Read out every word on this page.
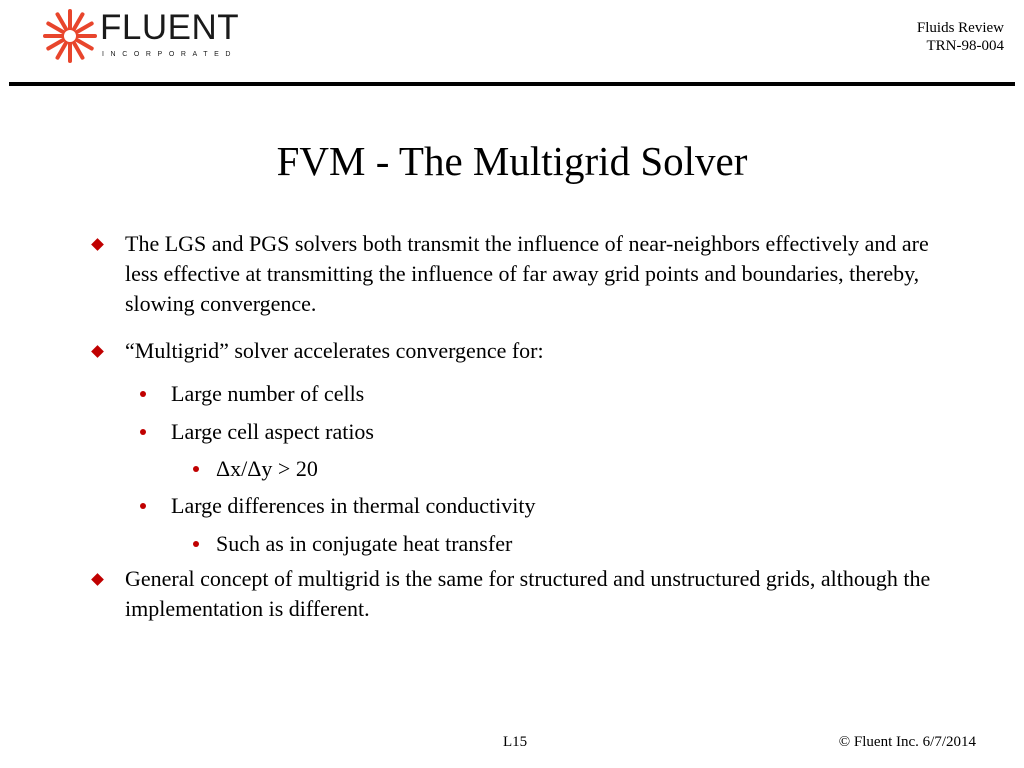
FLUENT
INCORPORATED
Fluids Review
TRN-98-004
FVM - The Multigrid Solver
The LGS and PGS solvers both transmit the influence of near-neighbors effectively and are less effective at transmitting the influence of far away grid points and boundaries, thereby, slowing convergence.
“Multigrid” solver accelerates convergence for:
Large number of cells
Large cell aspect ratios
Δx/Δy > 20
Large differences in thermal conductivity
Such as in conjugate heat transfer
General concept of multigrid is the same for structured and unstructured grids, although the implementation is different.
L15	© Fluent Inc. 6/7/2014
